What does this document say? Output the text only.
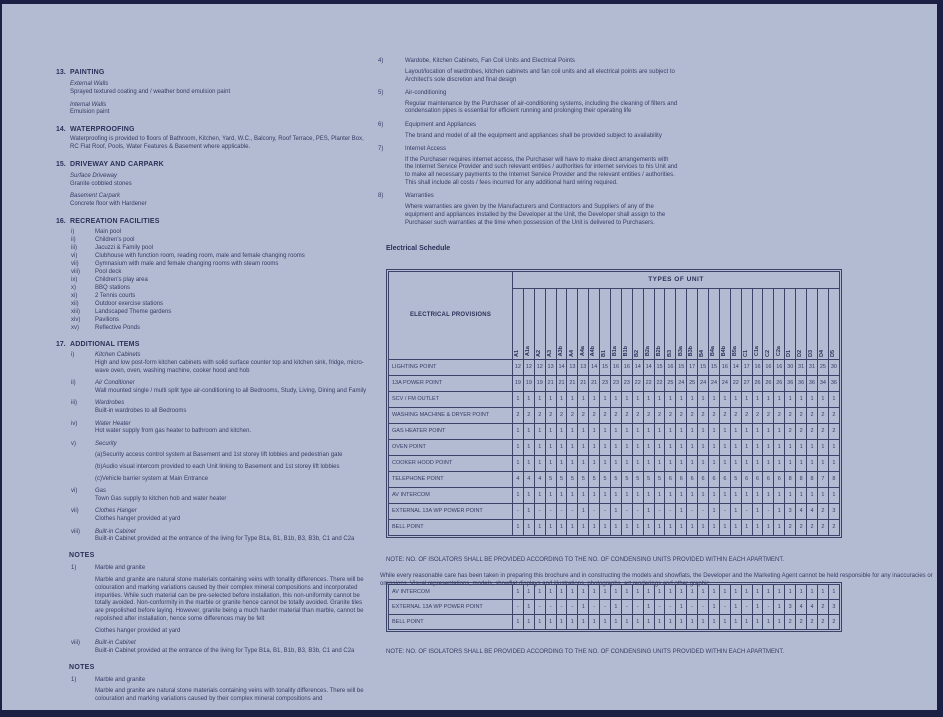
13. PAINTING
External Walls
Sprayed textured coating and / weather bond emulsion paint
Internal Walls
Emulsion paint
14. WATERPROOFING
Waterproofing is provided to floors of Bathroom, Kitchen, Yard, W.C., Balcony, Roof Terrace, PES, Planter Box, RC Flat Roof, Pools, Water Features & Basement where applicable.
15. DRIVEWAY AND CARPARK
Surface Driveway
Granite cobbled stones
Basement Carpark
Concrete floor with Hardener
16. RECREATION FACILITIES
i)	Main pool
ii)	Children's pool
iii)	Jacuzzi & Family pool
vi)	Clubhouse with function room, reading room, male and female changing rooms
vii)	Gymnasium with male and female changing rooms with steam rooms
viii)	Pool deck
ix)	Children's play area
x)	BBQ stations
xi)	2 Tennis courts
xii)	Outdoor exercise stations
xiii)	Landscaped Theme gardens
xiv)	Pavilions
xv)	Reflective Ponds
17. ADDITIONAL ITEMS
i)	Kitchen Cabinets
High and low post-form kitchen cabinets with solid surface counter top and kitchen sink, fridge, micro-wave oven, oven, washing machine, cooker hood and hob
ii)	Air Conditioner
Wall mounted single / multi split type air-conditioning to all Bedrooms, Study, Living, Dining and Family
iii)	Wardrobes
Built-in wardrobes to all Bedrooms
iv)	Water Heater
Hot water supply from gas heater to bathroom and kitchen.
v)	Security
(a)Security access control system at Basement and 1st storey lift lobbies and pedestrian gate
(b)Audio visual intercom provided to each Unit linking to Basement and 1st storey lift lobbies
(c)Vehicle barrier system at Main Entrance
vi)	Gas
Town Gas supply to kitchen hob and water heater
vii)	Clothes Hanger
Clothes hanger provided at yard
viii)	Built-in Cabinet
Built-in Cabinet provided at the entrance of the living for Type B1a, B1, B1b, B3, B3b, C1 and C2a
NOTES
1)	Marble and granite
Marble and granite are natural stone materials containing veins with tonality differences. There will be colouration and marking variations caused by their complex mineral compositions and incorporated impurities. While such material can be pre-selected before installation, this non-uniformity cannot be totally avoided. Non-conformity in the marble or granite hence cannot be totally avoided. Granite tiles are prepolished before laying. However, granite being a much harder material than marble, cannot be repolished after installation, hence some differences may be felt
Clothes hanger provided at yard
viii)	Built-in Cabinet
Built-in Cabinet provided at the entrance of the living for Type B1a, B1, B1b, B3, B3b, C1 and C2a
NOTES
1)	Marble and granite
Marble and granite are natural stone materials containing veins with tonality differences. There will be colouration and marking variations caused by their complex mineral compositions and
4)	Wardobe, Kitchen Cabinets, Fan Coil Units and Electrical Points
Layout/location of wardrobes, kitchen cabinets and fan coil units and all electrical points are subject to Architect's sole discretion and final design
5)	Air-conditioning
Regular maintenance by the Purchaser of air-conditioning systems, including the cleaning of filters and condensation pipes is essential for efficient running and prolonging their operating life
6)	Equipment and Appliances
The brand and model of all the equipment and appliances shall be provided subject to availability
7)	Internet Access
If the Purchaser requires internet access, the Purchaser will have to make direct arrangements with the Internet Service Provider and such relevant entities / authorities for internet services to his Unit and to make all necessary payments to the Internet Service Provider and the relevant entities / authorities. This shall include all costs / fees incurred for any additional hard wiring required.
8)	Warranties
Where warranties are given by the Manufacturers and Contractors and Suppliers of any of the equipment and appliances installed by the Developer at the Unit, the Developer shall assign to the Purchaser such warranties at the time when possession of the Unit is delivered to Purchasers.
Electrical Schedule
ELECTRICAL PROVISIONS	TYPES OF UNIT																													

	A1	A1a	A2	A3	A3b	A4	A4a	A4b	B1	B1a	B1b	B2	B2a	B2b	B3	B3a	B3b	B4	B4a	B4b	B5a	C1	C1a	C2	C2a	D1	D2	D3	D4	D5

LIGHTING POINT	12	12	12	13	14	13	13	14	15	16	16	14	14	15	16	15	17	15	15	16	14	17	16	16	16	30	31	31	25	30
13A POWER POINT	19	19	19	21	21	21	21	21	23	23	23	22	22	22	25	24	25	24	24	24	22	27	26	26	26	36	36	36	34	36
SCV / FM OUTLET	1	1	1	1	1	1	1	1	1	1	1	1	1	1	1	1	1	1	1	1	1	1	1	1	1	1	1	1	1	1
WASHING MACHINE & DRYER POINT	2	2	2	2	2	2	2	2	2	2	2	2	2	2	2	2	2	2	2	2	2	2	2	2	2	2	2	2	2	2
GAS HEATER POINT	1	1	1	1	1	1	1	1	1	1	1	1	1	1	1	1	1	1	1	1	1	1	1	1	1	2	2	2	2	2
OVEN POINT	1	1	1	1	1	1	1	1	1	1	1	1	1	1	1	1	1	1	1	1	1	1	1	1	1	1	1	1	1	1
COOKER HOOD POINT	1	1	1	1	1	1	1	1	1	1	1	1	1	1	1	1	1	1	1	1	1	1	1	1	1	1	1	1	1	1
TELEPHONE POINT	4	4	4	5	5	5	5	5	5	5	5	5	5	5	6	6	6	6	6	6	5	6	6	6	6	8	8	8	7	8
AV INTERCOM	1	1	1	1	1	1	1	1	1	1	1	1	1	1	1	1	1	1	1	1	1	1	1	1	1	1	1	1	1	1
EXTERNAL 13A WP POWER POINT	-	1	-	-	-	-	1	-	-	1	-	-	1	-	-	1	-	-	1	-	1	-	1	-	1	3	4	4	2	3
BELL POINT	1	1	1	1	1	1	1	1	1	1	1	1	1	1	1	1	1	1	1	1	1	1	1	1	1	2	2	2	2	2
NOTE: NO. OF ISOLATORS SHALL BE PROVIDED ACCORDING TO THE NO. OF CONDENSING UNITS PROVIDED WITHIN EACH APARTMENT.
While every reasonable care has been taken in preparing this brochure and in constructing the models and showflats, the Developer and the Marketing Agent cannot be held responsible for any inaccuracies or omissions. Visual representations, models, showflat displays and illustrations, photographs, art renderings and other graphic
AV INTERCOM	1	1	1	1	1	1	1	1	1	1	1	1	1	1	1	1	1	1	1	1	1	1	1	1	1	1	1	1	1	1
EXTERNAL 13A WP POWER POINT	-	1	-	-	-	-	1	-	-	1	-	-	1	-	-	1	-	-	1	-	1	-	1	-	1	3	4	4	2	3
BELL POINT	1	1	1	1	1	1	1	1	1	1	1	1	1	1	1	1	1	1	1	1	1	1	1	1	1	2	2	2	2	2
NOTE: NO. OF ISOLATORS SHALL BE PROVIDED ACCORDING TO THE NO. OF CONDENSING UNITS PROVIDED WITHIN EACH APARTMENT.
